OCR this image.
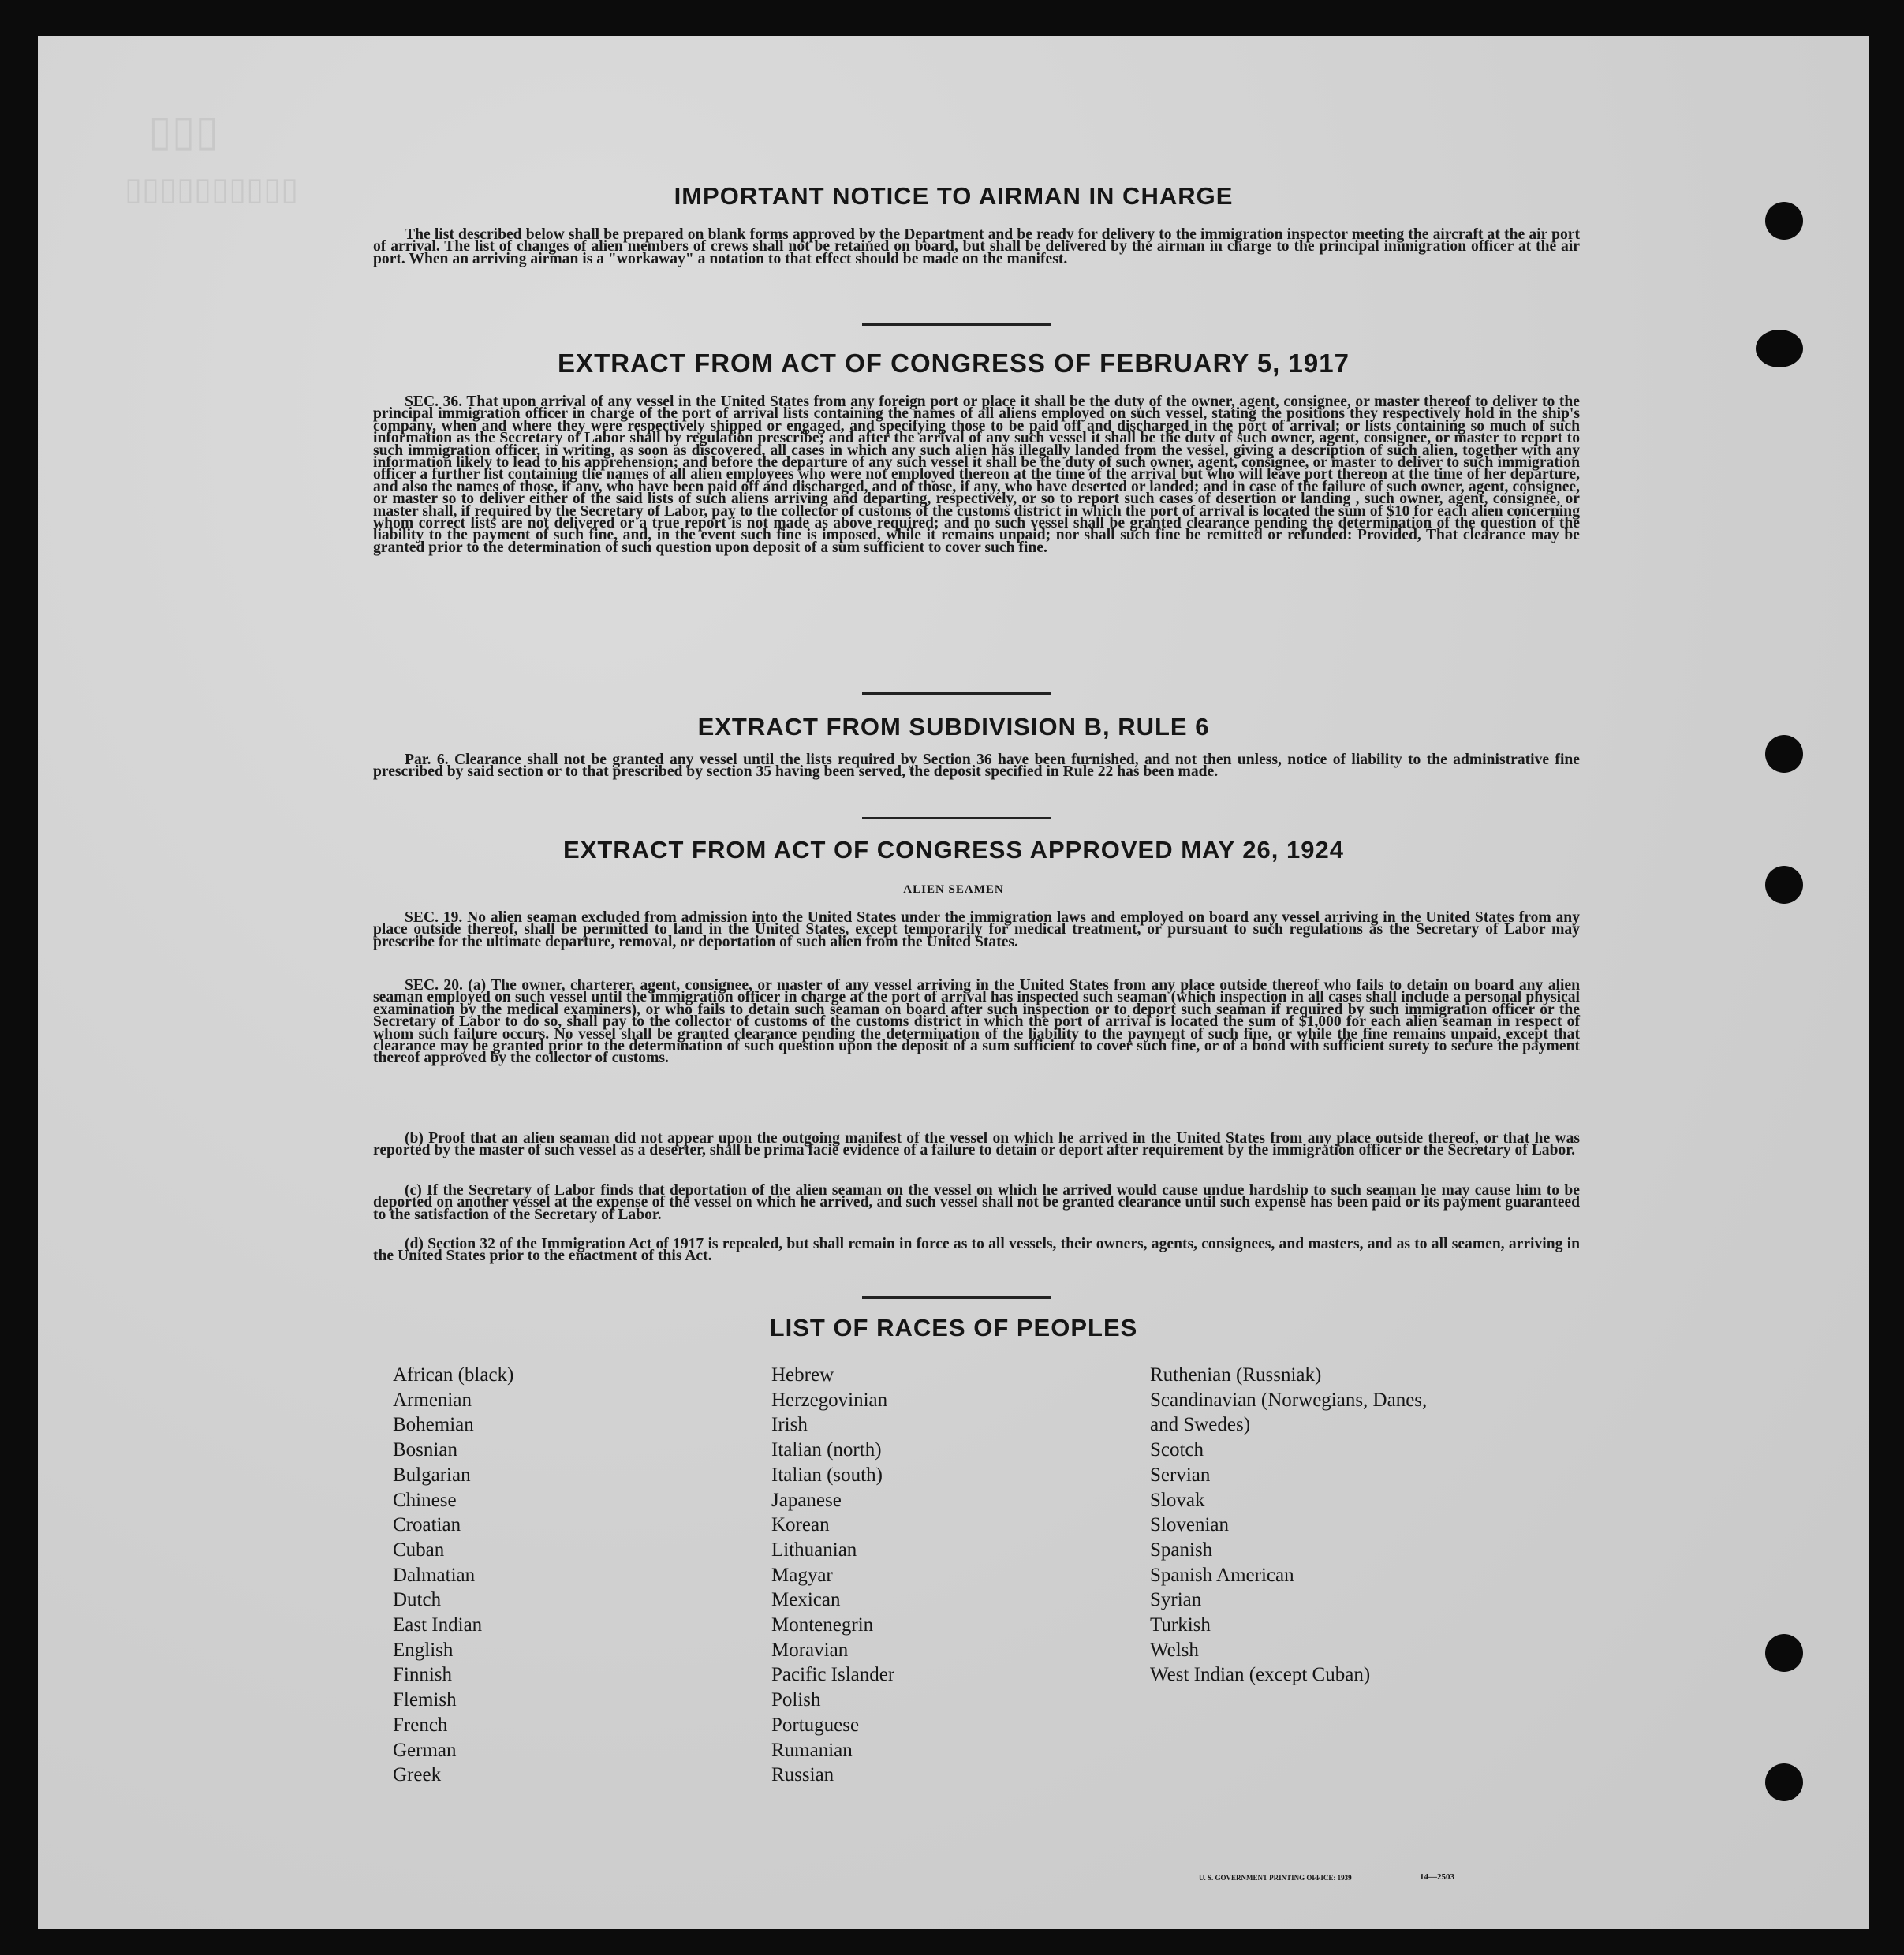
▯▯▯
▯▯▯▯▯▯▯▯▯▯	IMPORTANT NOTICE TO AIRMAN IN CHARGE

The list described below shall be prepared on blank forms approved by the Department and be ready for delivery to the immigration inspector meeting the aircraft at the air port of arrival. The list of changes of alien members of crews shall not be retained on board, but shall be delivered by the airman in charge to the principal immigration officer at the air port. When an arriving airman is a "workaway" a notation to that effect should be made on the manifest.

EXTRACT FROM ACT OF CONGRESS OF FEBRUARY 5, 1917

SEC. 36. That upon arrival of any vessel in the United States from any foreign port or place it shall be the duty of the owner, agent, consignee, or master thereof to deliver to the principal immigration officer in charge of the port of arrival lists containing the names of all aliens employed on such vessel, stating the positions they respectively hold in the ship's company, when and where they were respectively shipped or engaged, and specifying those to be paid off and discharged in the port of arrival; or lists containing so much of such information as the Secretary of Labor shall by regulation prescribe; and after the arrival of any such vessel it shall be the duty of such owner, agent, consignee, or master to report to such immigration officer, in writing, as soon as discovered, all cases in which any such alien has illegally landed from the vessel, giving a description of such alien, together with any information likely to lead to his apprehension; and before the departure of any such vessel it shall be the duty of such owner, agent, consignee, or master to deliver to such immigration officer a further list containing the names of all alien employees who were not employed thereon at the time of the arrival but who will leave port thereon at the time of her departure, and also the names of those, if any, who have been paid off and discharged, and of those, if any, who have deserted or landed; and in case of the failure of such owner, agent, consignee, or master so to deliver either of the said lists of such aliens arriving and departing, respectively, or so to report such cases of desertion or landing , such owner, agent, consignee, or master shall, if required by the Secretary of Labor, pay to the collector of customs of the customs district in which the port of arrival is located the sum of $10 for each alien concerning whom correct lists are not delivered or a true report is not made as above required; and no such vessel shall be granted clearance pending the determination of the question of the liability to the payment of such fine, and, in the event such fine is imposed, while it remains unpaid; nor shall such fine be remitted or refunded: Provided, That clearance may be granted prior to the determination of such question upon deposit of a sum sufficient to cover such fine.

EXTRACT FROM SUBDIVISION B, RULE 6

Par. 6. Clearance shall not be granted any vessel until the lists required by Section 36 have been furnished, and not then unless, notice of liability to the administrative fine prescribed by said section or to that prescribed by section 35 having been served, the deposit specified in Rule 22 has been made.

EXTRACT FROM ACT OF CONGRESS APPROVED MAY 26, 1924
ALIEN SEAMEN

SEC. 19. No alien seaman excluded from admission into the United States under the immigration laws and employed on board any vessel arriving in the United States from any place outside thereof, shall be permitted to land in the United States, except temporarily for medical treatment, or pursuant to such regulations as the Secretary of Labor may prescribe for the ultimate departure, removal, or deportation of such alien from the United States.

SEC. 20. (a) The owner, charterer, agent, consignee, or master of any vessel arriving in the United States from any place outside thereof who fails to detain on board any alien seaman employed on such vessel until the immigration officer in charge at the port of arrival has inspected such seaman (which inspection in all cases shall include a personal physical examination by the medical examiners), or who fails to detain such seaman on board after such inspection or to deport such seaman if required by such immigration officer or the Secretary of Labor to do so, shall pay to the collector of customs of the customs district in which the port of arrival is located the sum of $1,000 for each alien seaman in respect of whom such failure occurs. No vessel shall be granted clearance pending the determination of the liability to the payment of such fine, or while the fine remains unpaid, except that clearance may be granted prior to the determination of such question upon the deposit of a sum sufficient to cover such fine, or of a bond with sufficient surety to secure the payment thereof approved by the collector of customs.

(b) Proof that an alien seaman did not appear upon the outgoing manifest of the vessel on which he arrived in the United States from any place outside thereof, or that he was reported by the master of such vessel as a deserter, shall be prima facie evidence of a failure to detain or deport after requirement by the immigration officer or the Secretary of Labor.

(c) If the Secretary of Labor finds that deportation of the alien seaman on the vessel on which he arrived would cause undue hardship to such seaman he may cause him to be deported on another vessel at the expense of the vessel on which he arrived, and such vessel shall not be granted clearance until such expense has been paid or its payment guaranteed to the satisfaction of the Secretary of Labor.

(d) Section 32 of the Immigration Act of 1917 is repealed, but shall remain in force as to all vessels, their owners, agents, consignees, and masters, and as to all seamen, arriving in the United States prior to the enactment of this Act.

LIST OF RACES OF PEOPLES
African (black)
Armenian
Bohemian
Bosnian
Bulgarian
Chinese
Croatian
Cuban
Dalmatian
Dutch
East Indian
English
Finnish
Flemish
French
German
Greek
Hebrew
Herzegovinian
Irish
Italian (north)
Italian (south)
Japanese
Korean
Lithuanian
Magyar
Mexican
Montenegrin
Moravian
Pacific Islander
Polish
Portuguese
Rumanian
Russian
Ruthenian (Russniak)
Scandinavian (Norwegians, Danes,
and Swedes)
Scotch
Servian
Slovak
Slovenian
Spanish
Spanish American
Syrian
Turkish
Welsh
West Indian (except Cuban)
U. S. GOVERNMENT PRINTING OFFICE: 1939	14—2503
